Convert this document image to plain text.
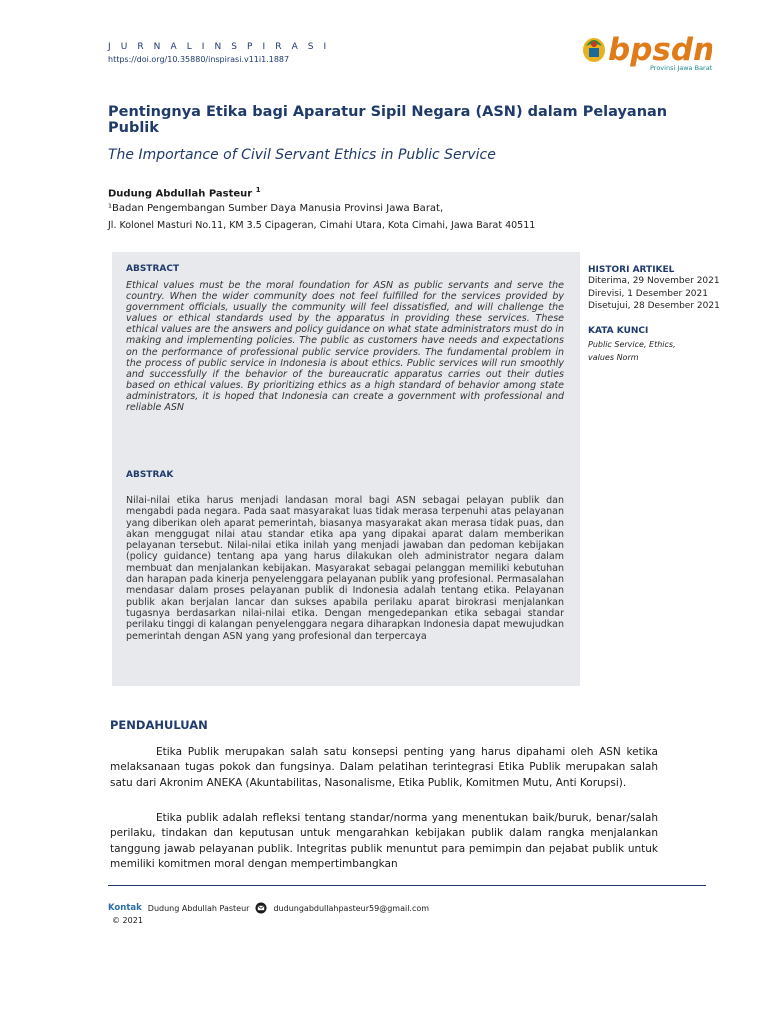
J U R N A L I N S P I R A S I
https://doi.org/10.35880/inspirasi.v11i1.1887	bpsd
Provinsi Jawa Barat
Pentingnya Etika bagi Aparatur Sipil Negara (ASN) dalam Pelayanan Publik
The Importance of Civil Servant Ethics in Public Service
Dudung Abdullah Pasteur $^1$
¹Badan Pengembangan Sumber Daya Manusia Provinsi Jawa Barat,
Jl. Kolonel Masturi No.11, KM 3.5 Cipageran, Cimahi Utara, Kota Cimahi, Jawa Barat 40511
ABSTRACT
Ethical values must be the moral foundation for ASN as public servants and serve the country. When the wider community does not feel fulfilled for the services provided by government officials, usually the community will feel dissatisfied, and will challenge the values or ethical standards used by the apparatus in providing these services. These ethical values are the answers and policy guidance on what state administrators must do in making and implementing policies. The public as customers have needs and expectations on the performance of professional public service providers. The fundamental problem in the process of public service in Indonesia is about ethics. Public services will run smoothly and successfully if the behavior of the bureaucratic apparatus carries out their duties based on ethical values. By prioritizing ethics as a high standard of behavior among state administrators, it is hoped that Indonesia can create a government with professional and reliable ASN
ABSTRAK
Nilai-nilai etika harus menjadi landasan moral bagi ASN sebagai pelayan publik dan mengabdi pada negara. Pada saat masyarakat luas tidak merasa terpenuhi atas pelayanan yang diberikan oleh aparat pemerintah, biasanya masyarakat akan merasa tidak puas, dan akan menggugat nilai atau standar etika apa yang dipakai aparat dalam memberikan pelayanan tersebut. Nilai-nilai etika inilah yang menjadi jawaban dan pedoman kebijakan (policy guidance) tentang apa yang harus dilakukan oleh administrator negara dalam membuat dan menjalankan kebijakan. Masyarakat sebagai pelanggan memiliki kebutuhan dan harapan pada kinerja penyelenggara pelayanan publik yang profesional. Permasalahan mendasar dalam proses pelayanan publik di Indonesia adalah tentang etika. Pelayanan publik akan berjalan lancar dan sukses apabila perilaku aparat birokrasi menjalankan tugasnya berdasarkan nilai-nilai etika. Dengan mengedepankan etika sebagai standar perilaku tinggi di kalangan penyelenggara negara diharapkan Indonesia dapat mewujudkan pemerintah dengan ASN yang yang profesional dan terpercaya
HISTORI ARTIKEL
Diterima, 29 November 2021
Direvisi, 1 Desember 2021
Disetujui, 28 Desember 2021
KATA KUNCI
Public Service, Ethics,
values Norm
PENDAHULUAN

Etika Publik merupakan salah satu konsepsi penting yang harus dipahami oleh ASN ketika melaksanaan tugas pokok dan fungsinya. Dalam pelatihan terintegrasi Etika Publik merupakan salah satu dari Akronim ANEKA (Akuntabilitas, Nasonalisme, Etika Publik, Komitmen Mutu, Anti Korupsi).

Etika publik adalah refleksi tentang standar/norma yang menentukan baik/buruk, benar/salah perilaku, tindakan dan keputusan untuk mengarahkan kebijakan publik dalam rangka menjalankan tanggung jawab pelayanan publik. Integritas publik menuntut para pemimpin dan pejabat publik untuk memiliki komitmen moral dengan mempertimbangkan

Kontak Dudung Abdullah Pasteur	dudungabdullahpasteur59@gmail.com
© 2021
